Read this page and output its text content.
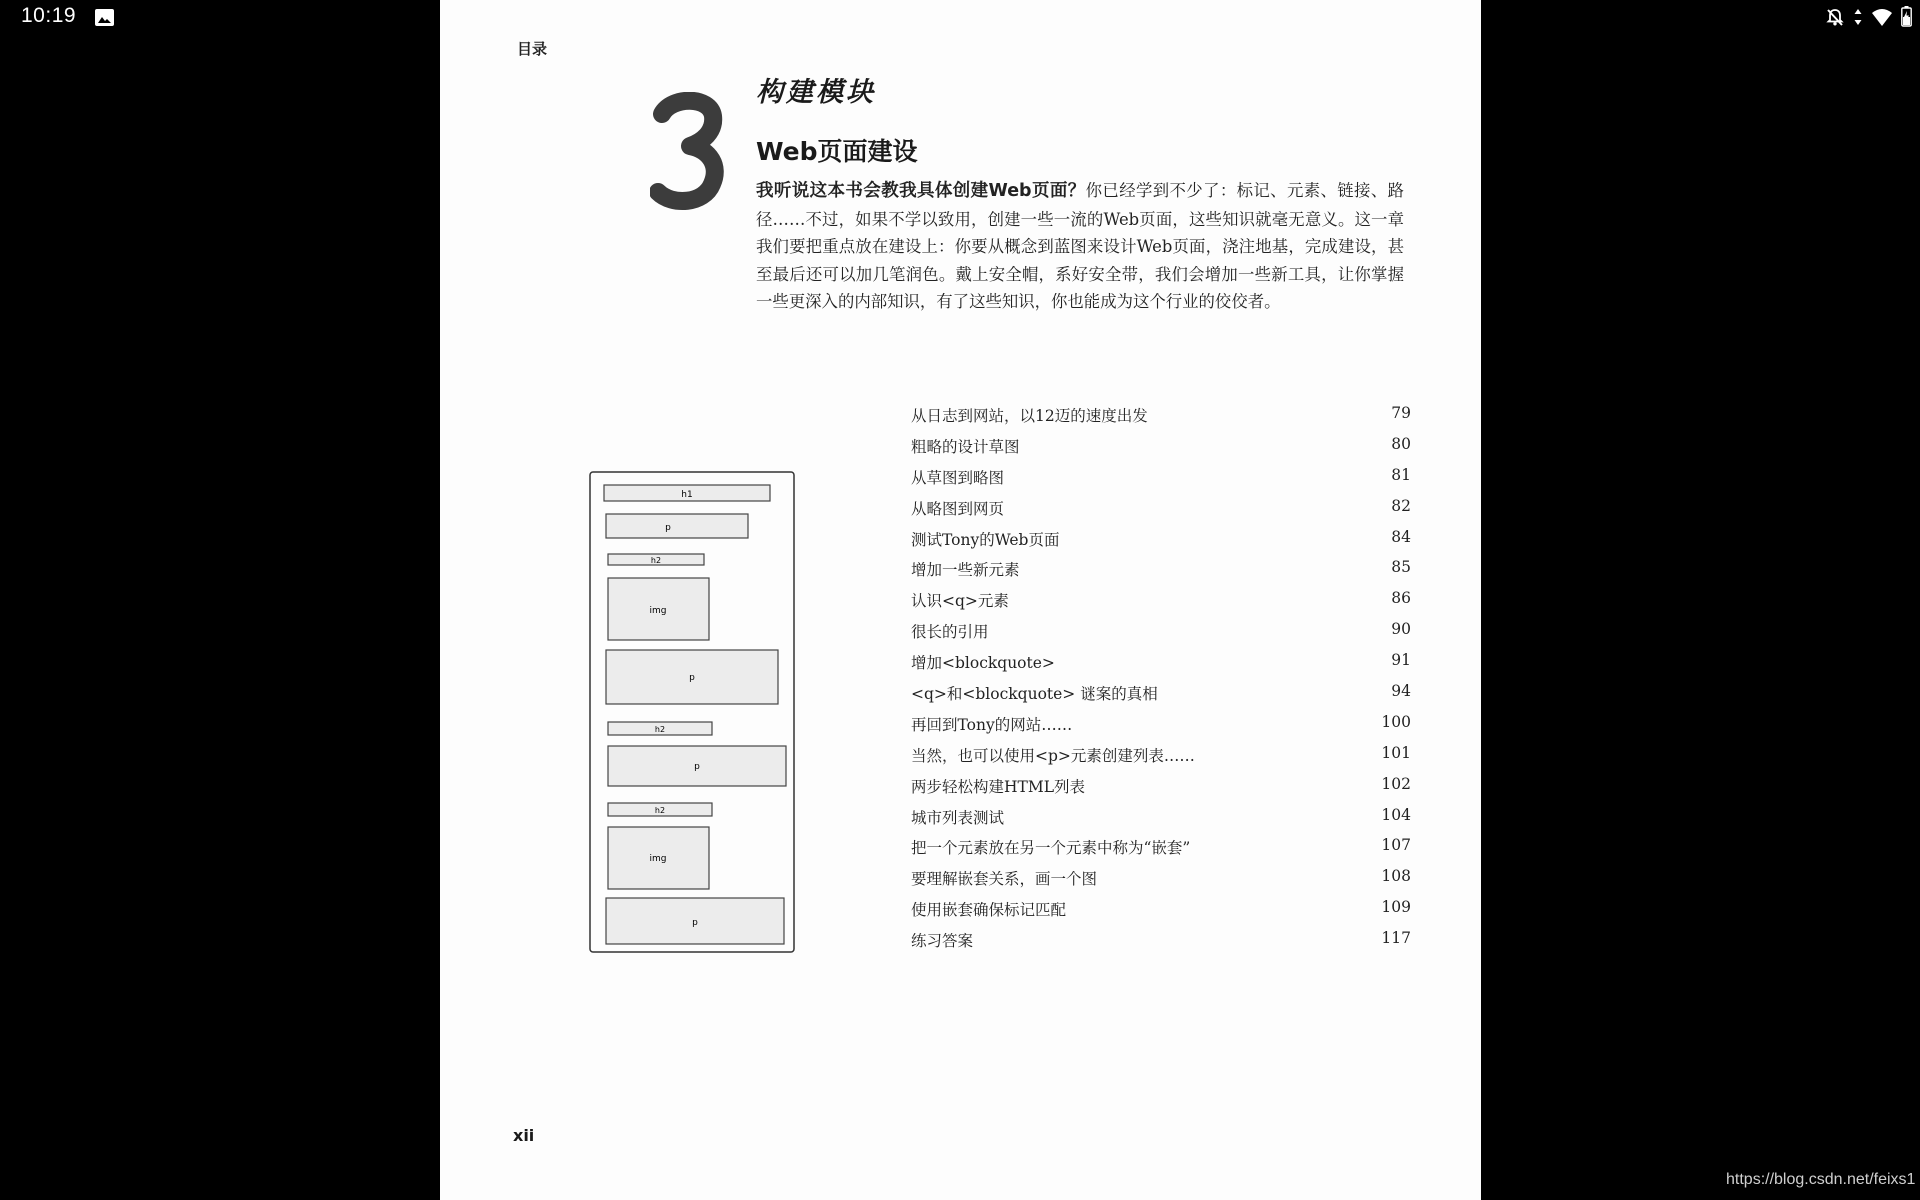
10:19
目录
3
构建模块
Web页面建设
我听说这本书会教我具体创建Web页面？你已经学到不少了：标记、元素、链接、路径……不过，如果不学以致用，创建一些一流的Web页面，这些知识就毫无意义。这一章我们要把重点放在建设上：你要从概念到蓝图来设计Web页面，浇注地基，完成建设，甚至最后还可以加几笔润色。戴上安全帽，系好安全带，我们会增加一些新工具，让你掌握一些更深入的内部知识，有了这些知识，你也能成为这个行业的佼佼者。
从日志到网站，以12迈的速度出发	79
粗略的设计草图	80
从草图到略图	81
从略图到网页	82
测试Tony的Web页面	84
增加一些新元素	85
认识<q>元素	86
很长的引用	90
增加<blockquote>	91
<q>和<blockquote> 谜案的真相	94
再回到Tony的网站……	100
当然，也可以使用<p>元素创建列表……	101
两步轻松构建HTML列表	102
城市列表测试	104
把一个元素放在另一个元素中称为“嵌套”	107
要理解嵌套关系，画一个图	108
使用嵌套确保标记匹配	109
练习答案	117
h1
p
h2
img
p
h2
p
h2
img
p
xii
https://blog.csdn.net/feixs1
